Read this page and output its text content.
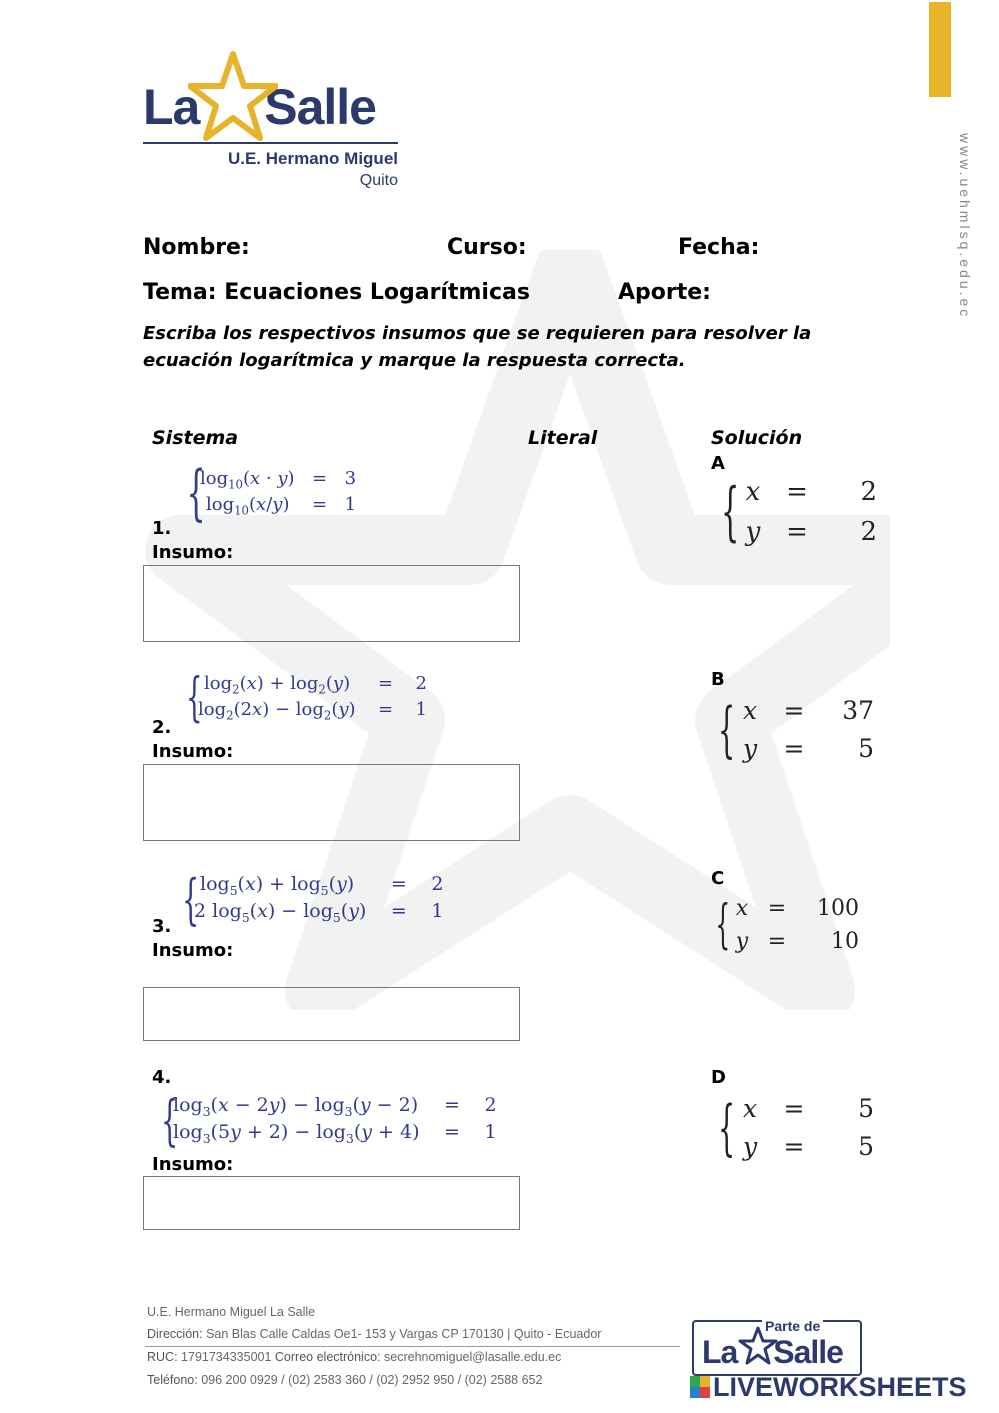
www.uehmlsq.edu.ec
La Salle
U.E. Hermano Miguel
Quito
Nombre:	Curso:	Fecha:
Tema: Ecuaciones Logarítmicas	Aporte:
Escriba los respectivos insumos que se requieren para resolver la ecuación logarítmica y marque la respuesta correcta.
Sistema	Literal	Solución
{
$\log_{10}(x \cdot y) = 3$
$\log_{10}(x/y)$	= 1
1.
Insumo:
{ $\log_2(x) + \log_2(y)$	=	2
$\log_2(2x) - \log_2(y)$	=	1
2.
Insumo:
{ $\log_5(x) + \log_5(y)$	=	2
2 $\log_5(x) - \log_5(y)$	=	1
3.
Insumo:
4.
{
$\log_3(x - 2y) - \log_3(y - 2)$	=	2
$\log_3(5y + 2) - \log_3(y + 4)$	=	1
Insumo:
A
{ x =	2
y =	2
B
{ x	=	37
y	=	5
C
{ x =	100
y =	10
D
{ x	=	5
y	=	5
U.E. Hermano Miguel La Salle
Dirección: San Blas Calle Caldas Oe1- 153 y Vargas CP 170130 | Quito - Ecuador
RUC: 1791734335001 Correo electrónico: secrehnomiguel@lasalle.edu.ec
Teléfono: 096 200 0929 / (02) 2583 360 / (02) 2952 950 / (02) 2588 652
Parte de
La Salle
LIVEWORKSHEETS
